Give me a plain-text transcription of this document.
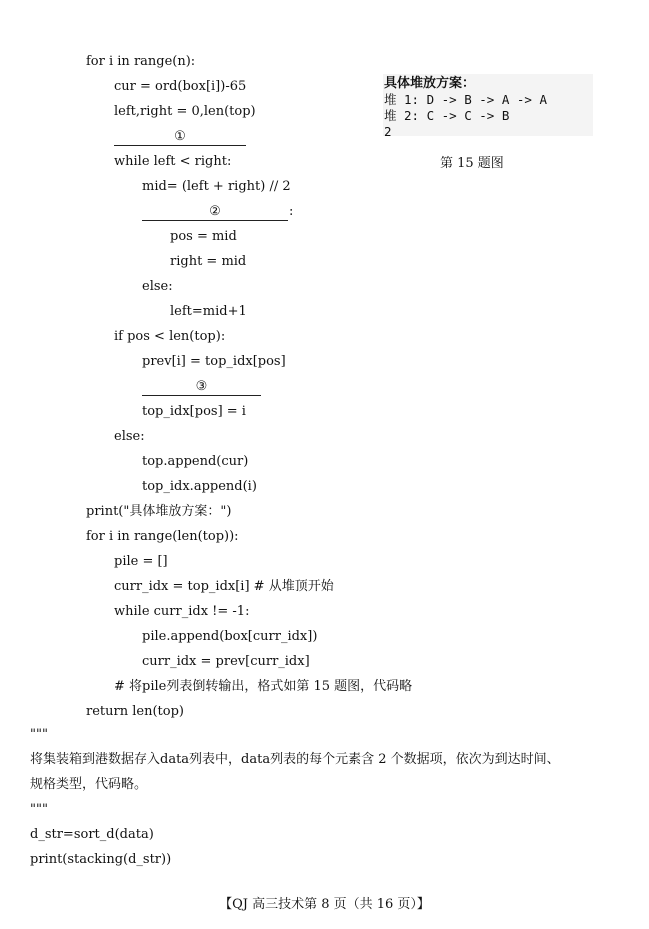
for i in range(n):
cur = ord(box[i])-65
left,right = 0,len(top)
①
while left < right:
mid= (left + right) // 2
②	:
pos = mid
right = mid
else:
left=mid+1
if pos < len(top):
prev[i] = top_idx[pos]
③
top_idx[pos] = i
else:
top.append(cur)
top_idx.append(i)
print("具体堆放方案：")
for i in range(len(top)):
pile = []
curr_idx = top_idx[i] # 从堆顶开始
while curr_idx != -1:
pile.append(box[curr_idx])
curr_idx = prev[curr_idx]
# 将pile列表倒转输出，格式如第 15 题图，代码略
return len(top)
"""
将集装箱到港数据存入data列表中，data列表的每个元素含 2 个数据项，依次为到达时间、
规格类型，代码略。
"""
d_str=sort_d(data)
print(stacking(d_str))
具体堆放方案：
堆 1: D -> B -> A -> A
堆 2: C -> C -> B
2
第 15 题图
【QJ 高三技术第 8 页（共 16 页）】
